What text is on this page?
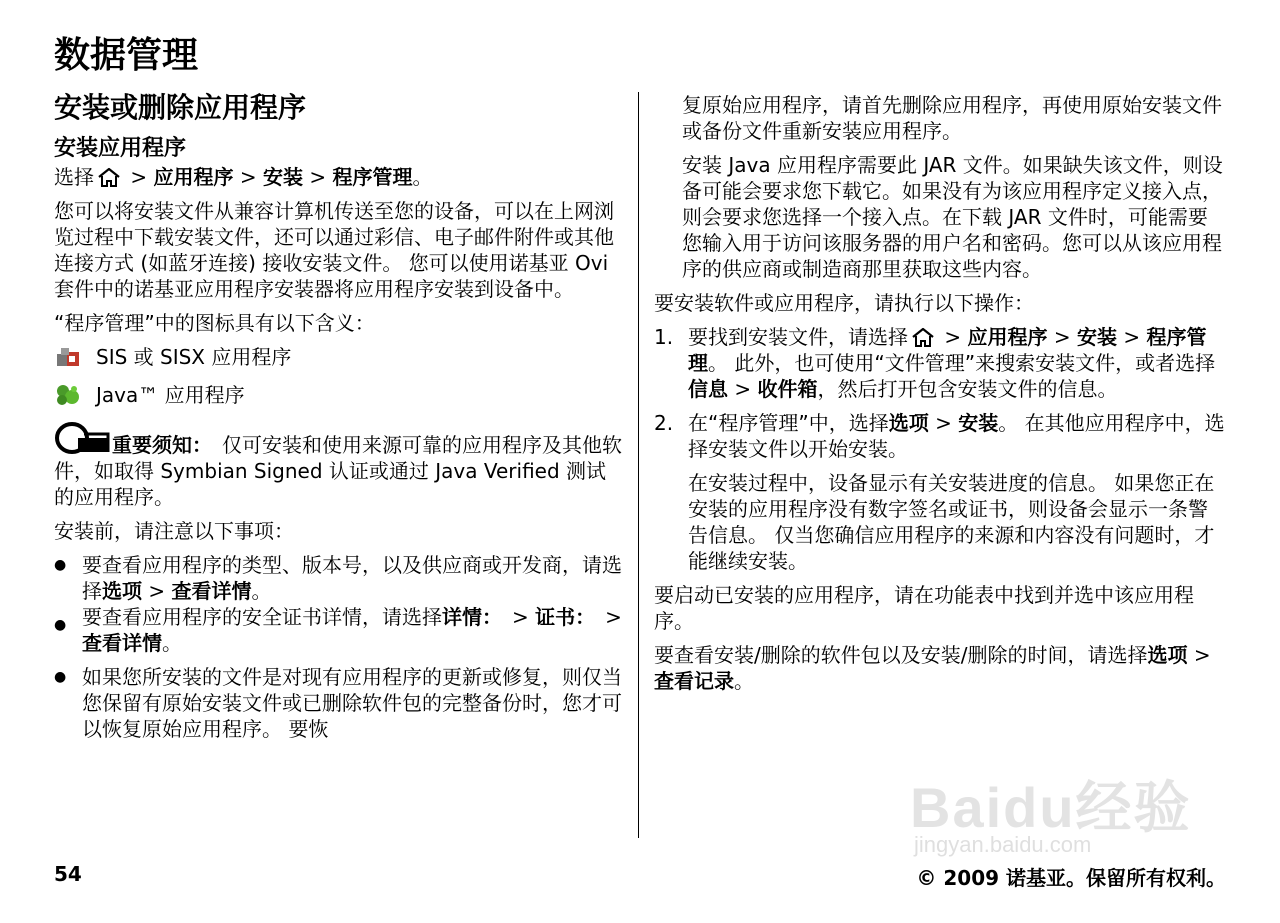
数据管理
安装或删除应用程序
安装应用程序

选择 > 应用程序 > 安装 > 程序管理。

您可以将安装文件从兼容计算机传送至您的设备，可以在上网浏览过程中下载安装文件，还可以通过彩信、电子邮件附件或其他连接方式 (如蓝牙连接) 接收安装文件。 您可以使用诺基亚 Ovi 套件中的诺基亚应用程序安装器将应用程序安装到设备中。

“程序管理”中的图标具有以下含义：

SIS 或 SISX 应用程序
Java™ 应用程序

重要须知：　仅可安装和使用来源可靠的应用程序及其他软件，如取得 Symbian Signed 认证或通过 Java Verified 测试的应用程序。

安装前，请注意以下事项：

● 要查看应用程序的类型、版本号，以及供应商或开发商，请选择选项 > 查看详情。

要查看应用程序的安全证书详情，请选择详情：　> 证书：　> 查看详情。

● 如果您所安装的文件是对现有应用程序的更新或修复，则仅当您保留有原始安装文件或已删除软件包的完整备份时，您才可以恢复原始应用程序。 要恢

复原始应用程序，请首先删除应用程序，再使用原始安装文件或备份文件重新安装应用程序。

安装 Java 应用程序需要此 JAR 文件。如果缺失该文件，则设备可能会要求您下载它。如果没有为该应用程序定义接入点，则会要求您选择一个接入点。在下载 JAR 文件时，可能需要您输入用于访问该服务器的用户名和密码。您可以从该应用程序的供应商或制造商那里获取这些内容。

要安装软件或应用程序，请执行以下操作：

1. 要找到安装文件，请选择 > 应用程序 > 安装 > 程序管理。 此外，也可使用“文件管理”来搜索安装文件，或者选择信息 > 收件箱，然后打开包含安装文件的信息。
2. 在“程序管理”中，选择选项 > 安装。 在其他应用程序中，选择安装文件以开始安装。

在安装过程中，设备显示有关安装进度的信息。 如果您正在安装的应用程序没有数字签名或证书，则设备会显示一条警告信息。 仅当您确信应用程序的来源和内容没有问题时，才能继续安装。

要启动已安装的应用程序，请在功能表中找到并选中该应用程序。

要查看安装/删除的软件包以及安装/删除的时间，请选择选项 > 查看记录。

Baidu经验
jingyan.baidu.com
54	© 2009 诺基亚。保留所有权利。
